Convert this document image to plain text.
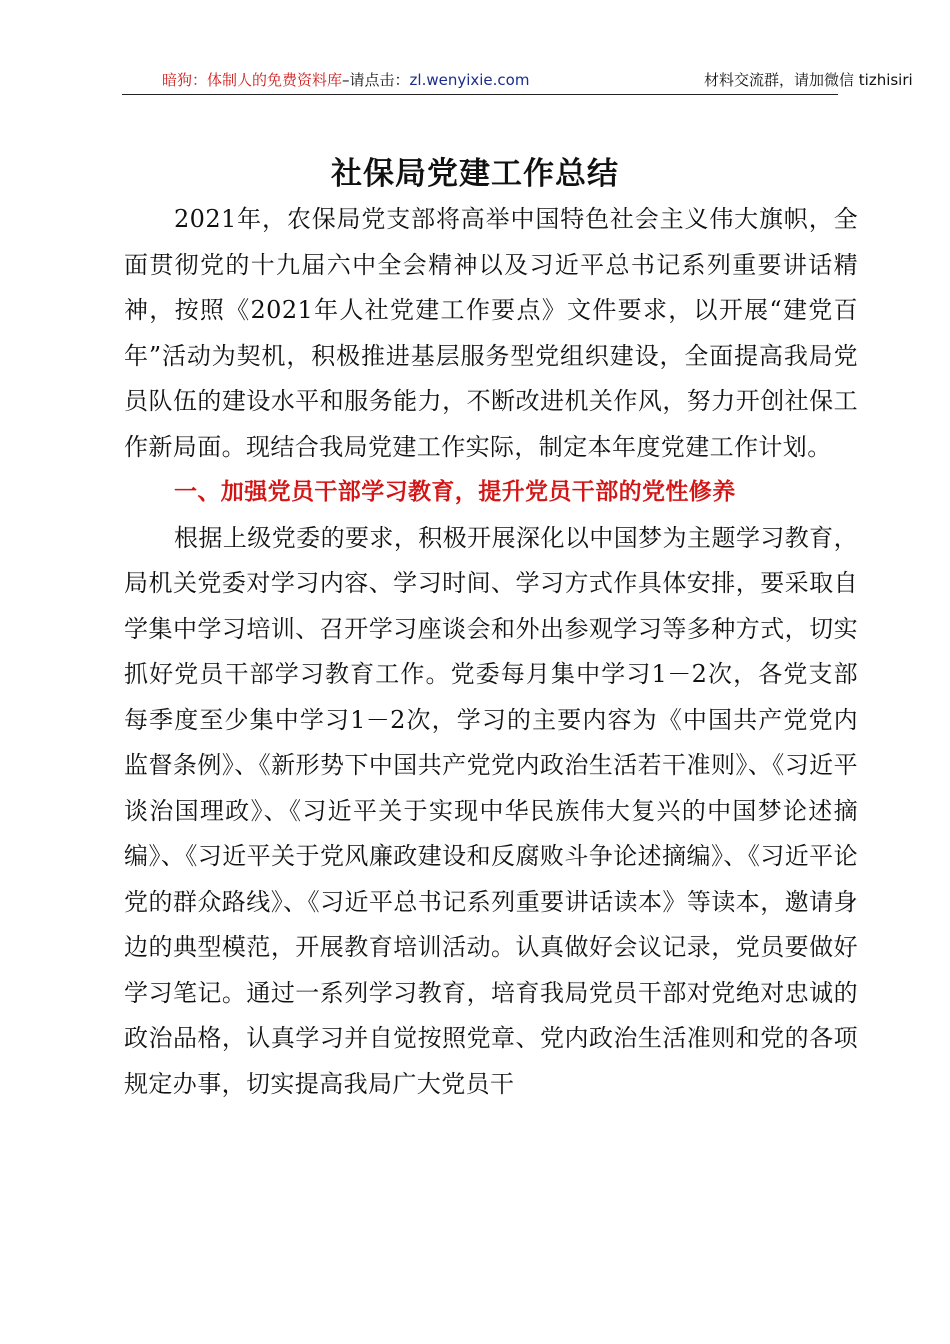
暗狗：体制人的免费资料库–请点击：zl.wenyixie.com	材料交流群，请加微信 tizhisiri
社保局党建工作总结

2021年，农保局党支部将高举中国特色社会主义伟大旗帜，全面贯彻党的十九届六中全会精神以及习近平总书记系列重要讲话精神，按照《2021年人社党建工作要点》文件要求，以开展“建党百年”活动为契机，积极推进基层服务型党组织建设，全面提高我局党员队伍的建设水平和服务能力，不断改进机关作风，努力开创社保工作新局面。现结合我局党建工作实际，制定本年度党建工作计划。

一、加强党员干部学习教育，提升党员干部的党性修养

根据上级党委的要求，积极开展深化以中国梦为主题学习教育，局机关党委对学习内容、学习时间、学习方式作具体安排，要采取自学集中学习培训、召开学习座谈会和外出参观学习等多种方式，切实抓好党员干部学习教育工作。党委每月集中学习1－2次，各党支部每季度至少集中学习1－2次，学习的主要内容为《中国共产党党内监督条例》、《新形势下中国共产党党内政治生活若干准则》、《习近平谈治国理政》、《习近平关于实现中华民族伟大复兴的中国梦论述摘编》、《习近平关于党风廉政建设和反腐败斗争论述摘编》、《习近平论党的群众路线》、《习近平总书记系列重要讲话读本》等读本，邀请身边的典型模范，开展教育培训活动。认真做好会议记录，党员要做好学习笔记。通过一系列学习教育，培育我局党员干部对党绝对忠诚的政治品格，认真学习并自觉按照党章、党内政治生活准则和党的各项规定办事，切实提高我局广大党员干
